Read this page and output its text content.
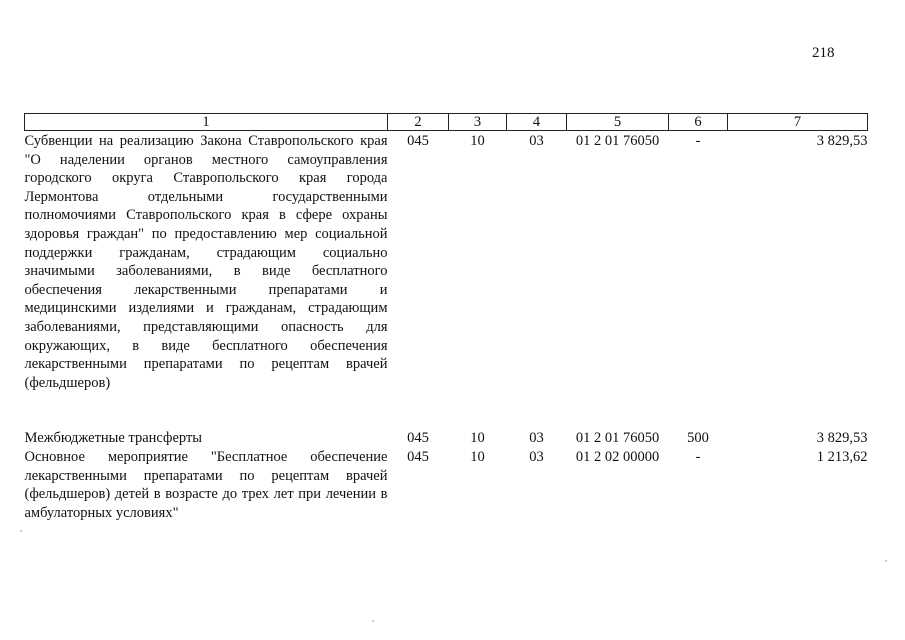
218
1	2	3	4	5	6	7
Субвенции на реализацию Закона Ставропольского края "О наделении органов местного самоуправления городского округа Ставропольского края города Лермонтова отдельными государственными полномочиями Ставропольского края в сфере охраны здоровья граждан" по предоставлению мер социальной поддержки гражданам, страдающим социально значимыми заболеваниями, в виде бесплатного обеспечения лекарственными препаратами и медицинскими изделиями и гражданам, страдающим заболеваниями, представляющими опасность для окружающих, в виде бесплатного обеспечения лекарственными препаратами по рецептам врачей (фельдшеров)	045	10	03	01 2 01 76050	-	3 829,53

Межбюджетные трансферты	045	10	03	01 2 01 76050	500	3 829,53
Основное мероприятие "Бесплатное обеспечение лекарственными препаратами по рецептам врачей (фельдшеров) детей в возрасте до трех лет при лечении в амбулаторных условиях"	045	10	03	01 2 02 00000	-	1 213,62
